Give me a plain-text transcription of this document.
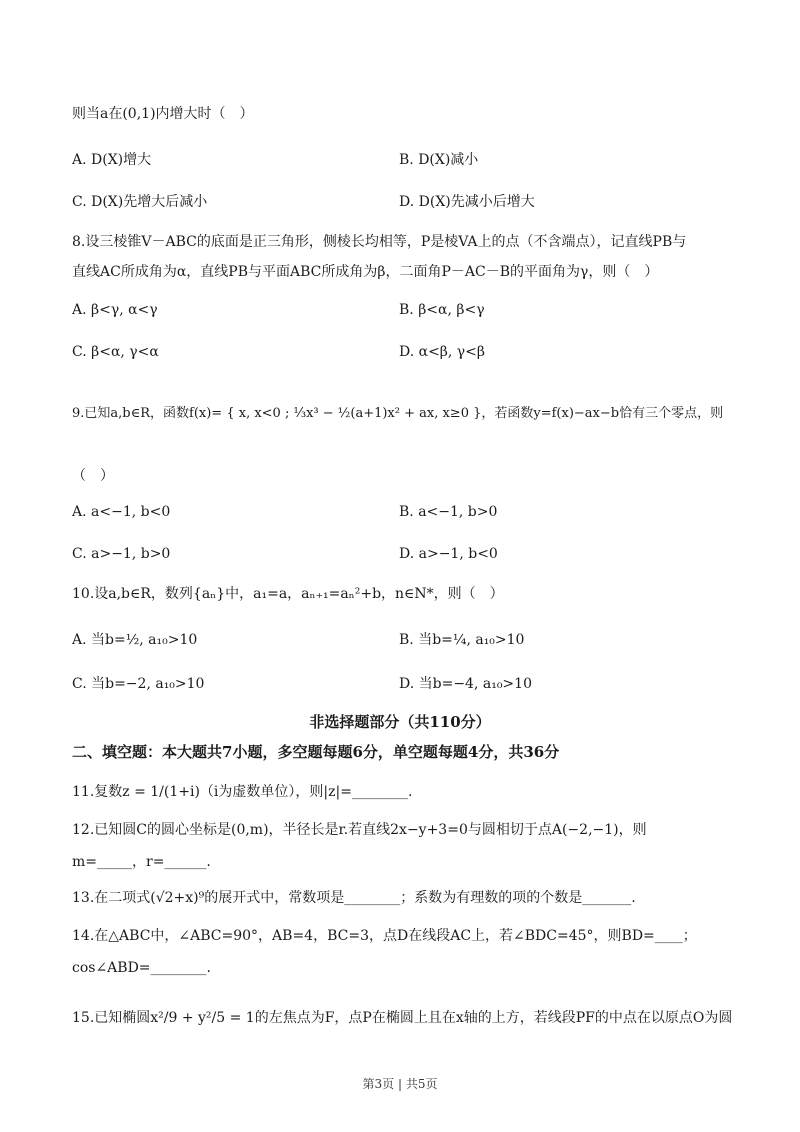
则当a在(0,1)内增大时（　）
A. D(X)增大	B. D(X)减小
C. D(X)先增大后减小	D. D(X)先减小后增大
8.设三棱锥V－ABC的底面是正三角形，侧棱长均相等，P是棱VA上的点（不含端点），记直线PB与
直线AC所成角为α，直线PB与平面ABC所成角为β，二面角P－AC－B的平面角为γ，则（　）
A. β<γ, α<γ	B. β<α, β<γ
C. β<α, γ<α	D. α<β, γ<β
9.已知a,b∈R，函数f(x)= { x, x<0 ; ⅓x³ − ½(a+1)x² + ax, x≥0 }，若函数y=f(x)−ax−b恰有三个零点，则
（　）
A. a<−1, b<0	B. a<−1, b>0
C. a>−1, b>0	D. a>−1, b<0
10.设a,b∈R，数列{aₙ}中，a₁=a，aₙ₊₁=aₙ²+b，n∈N*，则（　）
A. 当b=½, a₁₀>10	B. 当b=¼, a₁₀>10
C. 当b=−2, a₁₀>10	D. 当b=−4, a₁₀>10
非选择题部分（共110分）
二、填空题：本大题共7小题，多空题每题6分，单空题每题4分，共36分
11.复数z = 1/(1+i)（i为虚数单位），则|z|=________.
12.已知圆C的圆心坐标是(0,m)，半径长是r.若直线2x−y+3=0与圆相切于点A(−2,−1)，则
m=_____，r=______.
13.在二项式(√2+x)⁹的展开式中，常数项是________；系数为有理数的项的个数是_______.
14.在△ABC中，∠ABC=90°，AB=4，BC=3，点D在线段AC上，若∠BDC=45°，则BD=____；
cos∠ABD=________.
15.已知椭圆x²/9 + y²/5 = 1的左焦点为F，点P在椭圆上且在x轴的上方，若线段PF的中点在以原点O为圆
第3页 | 共5页
